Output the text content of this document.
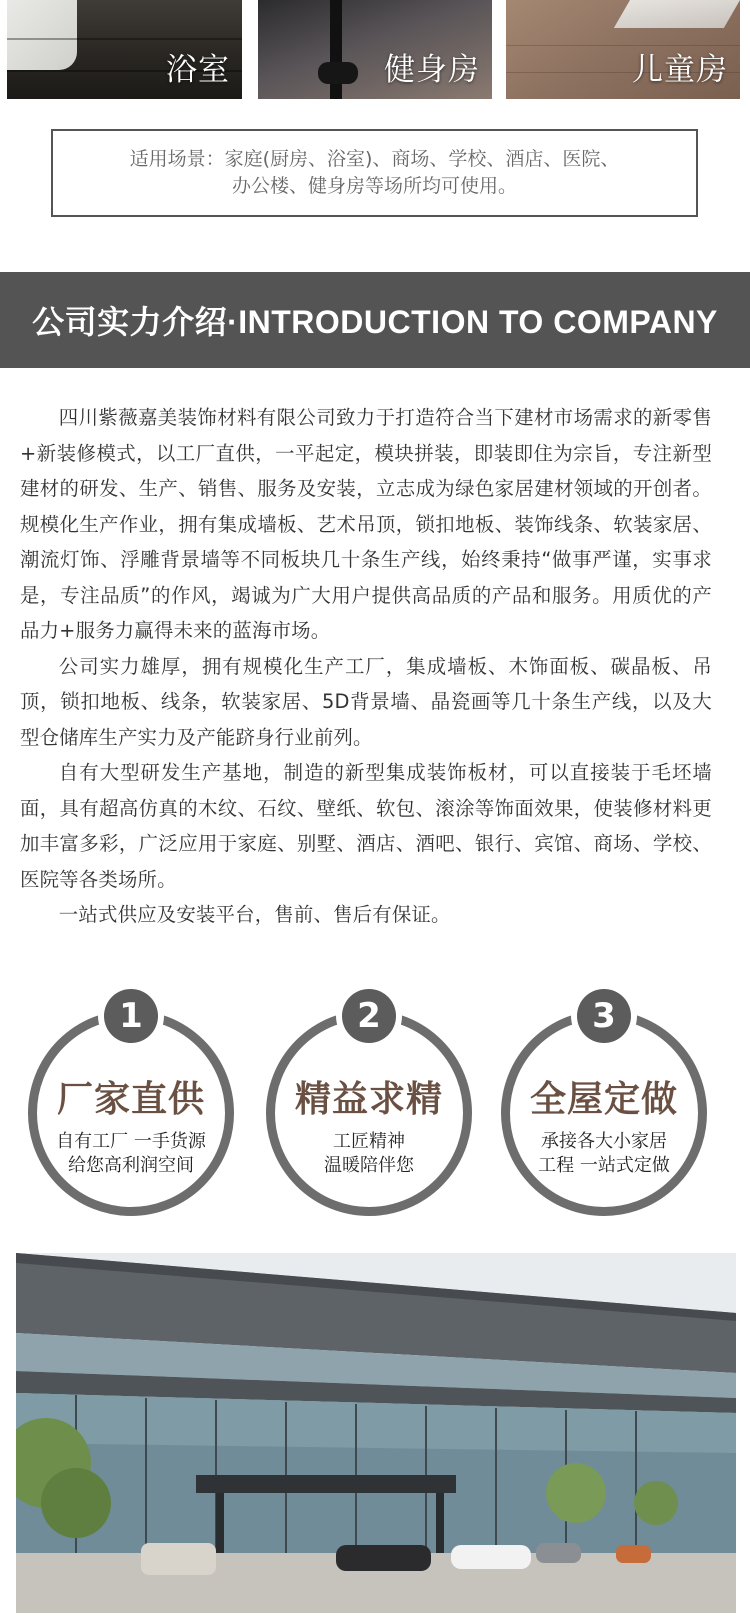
浴室	健身房	儿童房
适用场景：家庭(厨房、浴室)、商场、学校、酒店、医院、
办公楼、健身房等场所均可使用。
公司实力介绍·INTRODUCTION TO COMPANY

四川紫薇嘉美装饰材料有限公司致力于打造符合当下建材市场需求的新零售+新装修模式，以工厂直供，一平起定，模块拼装，即装即住为宗旨，专注新型建材的研发、生产、销售、服务及安装，立志成为绿色家居建材领域的开创者。规模化生产作业，拥有集成墙板、艺术吊顶，锁扣地板、装饰线条、软装家居、潮流灯饰、浮雕背景墙等不同板块几十条生产线，始终秉持“做事严谨，实事求是，专注品质”的作风，竭诚为广大用户提供高品质的产品和服务。用质优的产品力+服务力赢得未来的蓝海市场。

公司实力雄厚，拥有规模化生产工厂，集成墙板、木饰面板、碳晶板、吊顶，锁扣地板、线条，软装家居、5D背景墙、晶瓷画等几十条生产线，以及大型仓储库生产实力及产能跻身行业前列。

自有大型研发生产基地，制造的新型集成装饰板材，可以直接装于毛坯墙面，具有超高仿真的木纹、石纹、壁纸、软包、滚涂等饰面效果，使装修材料更加丰富多彩，广泛应用于家庭、别墅、酒店、酒吧、银行、宾馆、商场、学校、医院等各类场所。

一站式供应及安装平台，售前、售后有保证。

1
厂家直供
自有工厂 一手货源
给您高利润空间
2
精益求精
工匠精神
温暖陪伴您
3
全屋定做
承接各大小家居
工程 一站式定做
